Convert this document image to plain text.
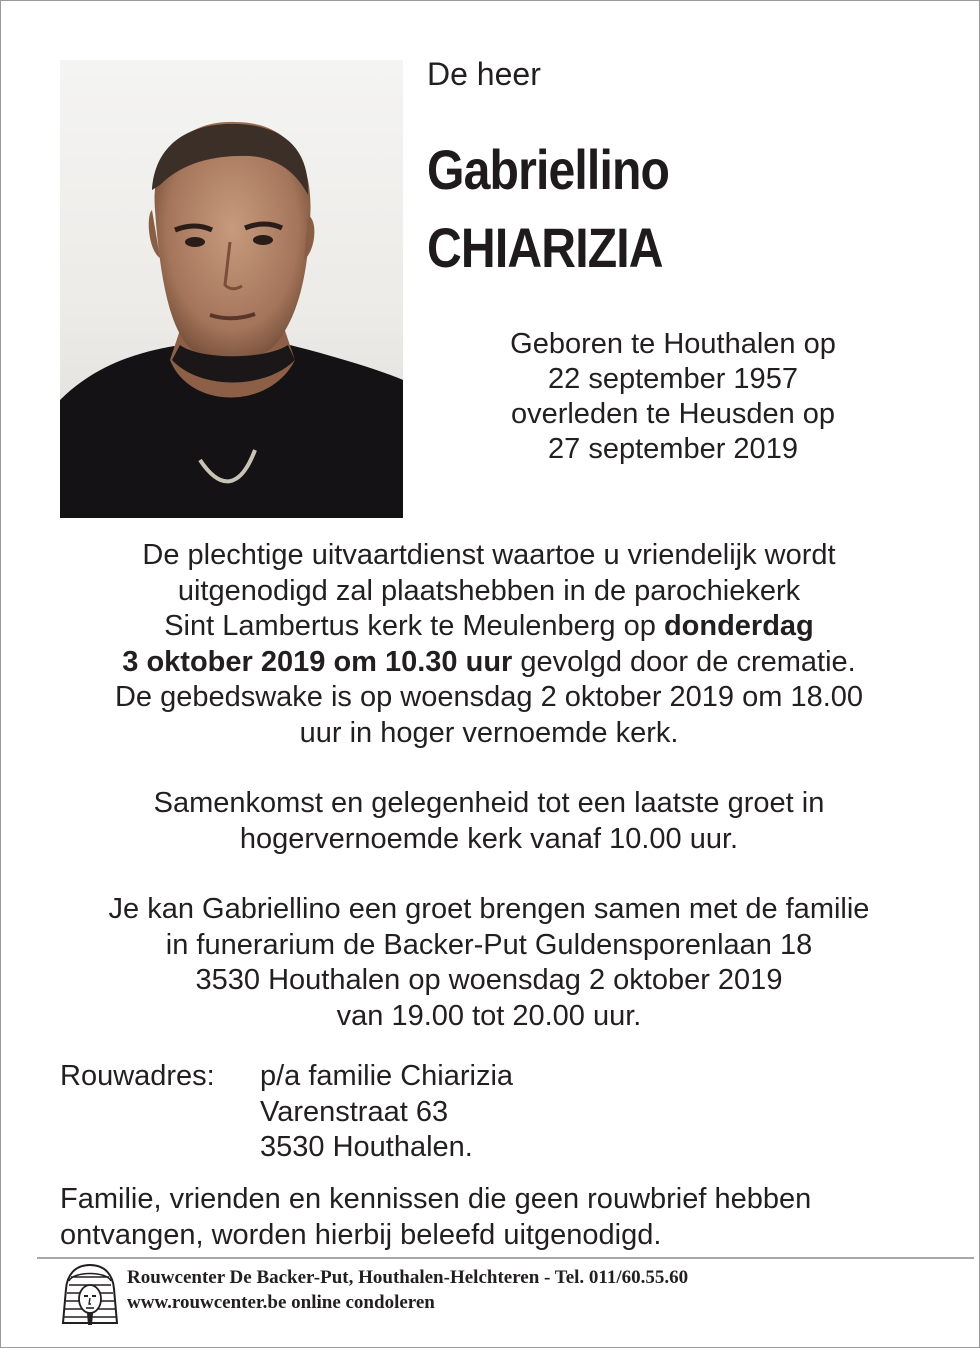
De heer
Gabriellino
CHIARIZIA
Geboren te Houthalen op
22 september 1957
overleden te Heusden op
27 september 2019
De plechtige uitvaartdienst waartoe u vriendelijk wordt
uitgenodigd zal plaatshebben in de parochiekerk
Sint Lambertus kerk te Meulenberg op donderdag
3 oktober 2019 om 10.30 uur gevolgd door de crematie.
De gebedswake is op woensdag 2 oktober 2019 om 18.00
uur in hoger vernoemde kerk.
Samenkomst en gelegenheid tot een laatste groet in
hogervernoemde kerk vanaf 10.00 uur.
Je kan Gabriellino een groet brengen samen met de familie
in funerarium de Backer-Put Guldensporenlaan 18
3530 Houthalen op woensdag 2 oktober 2019
van 19.00 tot 20.00 uur.
Rouwadres: p/a familie Chiarizia
Varenstraat 63
3530 Houthalen.
Familie, vrienden en kennissen die geen rouwbrief hebben
ontvangen, worden hierbij beleefd uitgenodigd.
Rouwcenter De Backer-Put, Houthalen-Helchteren - Tel. 011/60.55.60
www.rouwcenter.be online condoleren
